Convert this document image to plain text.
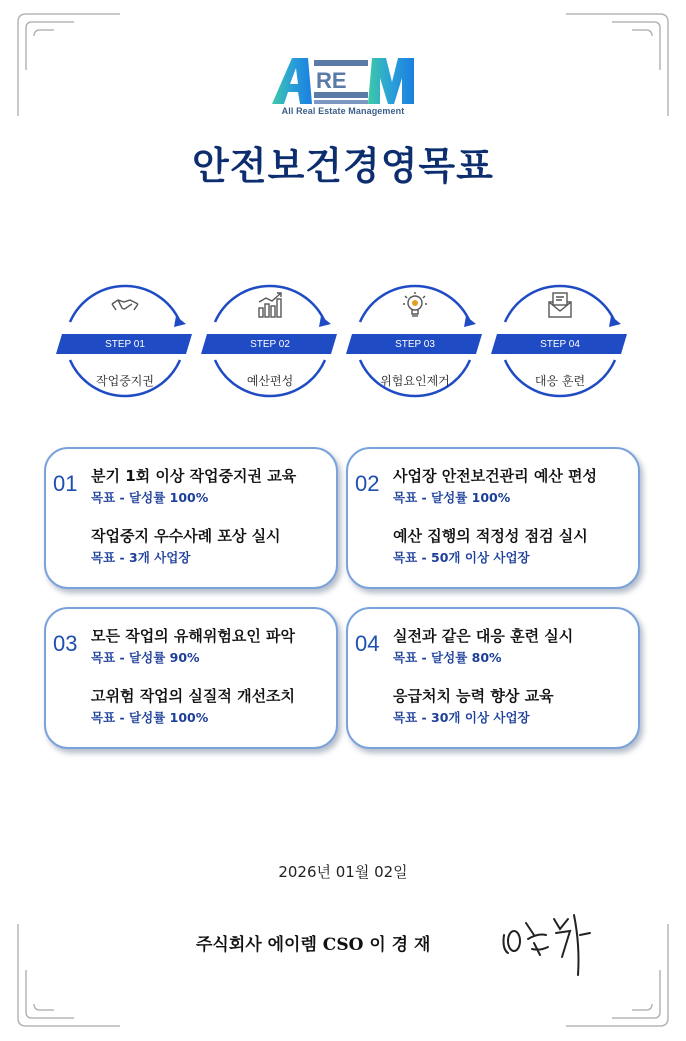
RE
All Real Estate Management
안전보건경영목표
STEP 01	STEP 02	STEP 03	STEP 04
작업중지권	예산편성	위험요인제거	대응 훈련
01 분기 1회 이상 작업중지권 교육
목표 - 달성률 100%
작업중지 우수사례 포상 실시
목표 - 3개 사업장
02 사업장 안전보건관리 예산 편성
목표 - 달성률 100%
예산 집행의 적정성 점검 실시
목표 - 50개 이상 사업장
03 모든 작업의 유해위험요인 파악
목표 - 달성률 90%
고위험 작업의 실질적 개선조치
목표 - 달성률 100%
04 실전과 같은 대응 훈련 실시
목표 - 달성률 80%
응급처치 능력 향상 교육
목표 - 30개 이상 사업장
2026년 01월 02일
주식회사 에이렘 CSO 이 경 재
